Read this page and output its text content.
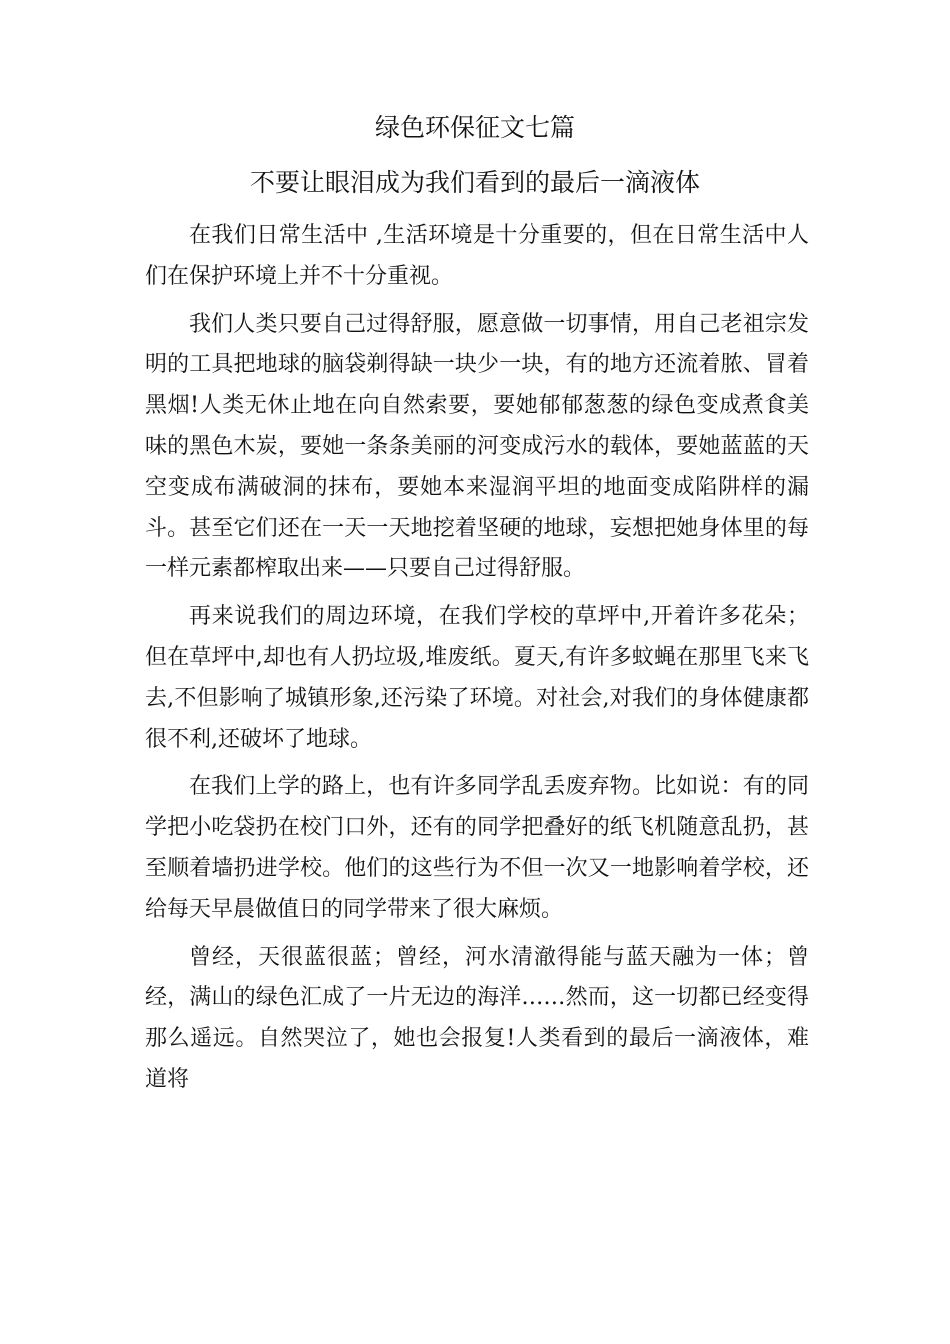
绿色环保征文七篇
不要让眼泪成为我们看到的最后一滴液体

在我们日常生活中 ,生活环境是十分重要的，但在日常生活中人们在保护环境上并不十分重视。

我们人类只要自己过得舒服，愿意做一切事情，用自己老祖宗发明的工具把地球的脑袋剃得缺一块少一块，有的地方还流着脓、冒着黑烟!人类无休止地在向自然索要，要她郁郁葱葱的绿色变成煮食美味的黑色木炭，要她一条条美丽的河变成污水的载体，要她蓝蓝的天空变成布满破洞的抹布，要她本来湿润平坦的地面变成陷阱样的漏斗。甚至它们还在一天一天地挖着坚硬的地球，妄想把她身体里的每一样元素都榨取出来——只要自己过得舒服。

再来说我们的周边环境，在我们学校的草坪中,开着许多花朵；但在草坪中,却也有人扔垃圾,堆废纸。夏天,有许多蚊蝇在那里飞来飞去,不但影响了城镇形象,还污染了环境。对社会,对我们的身体健康都很不利,还破坏了地球。

在我们上学的路上，也有许多同学乱丢废弃物。比如说：有的同学把小吃袋扔在校门口外，还有的同学把叠好的纸飞机随意乱扔，甚至顺着墙扔进学校。他们的这些行为不但一次又一地影响着学校，还给每天早晨做值日的同学带来了很大麻烦。

曾经，天很蓝很蓝；曾经，河水清澈得能与蓝天融为一体；曾经，满山的绿色汇成了一片无边的海洋……然而，这一切都已经变得那么遥远。自然哭泣了，她也会报复!人类看到的最后一滴液体，难道将
